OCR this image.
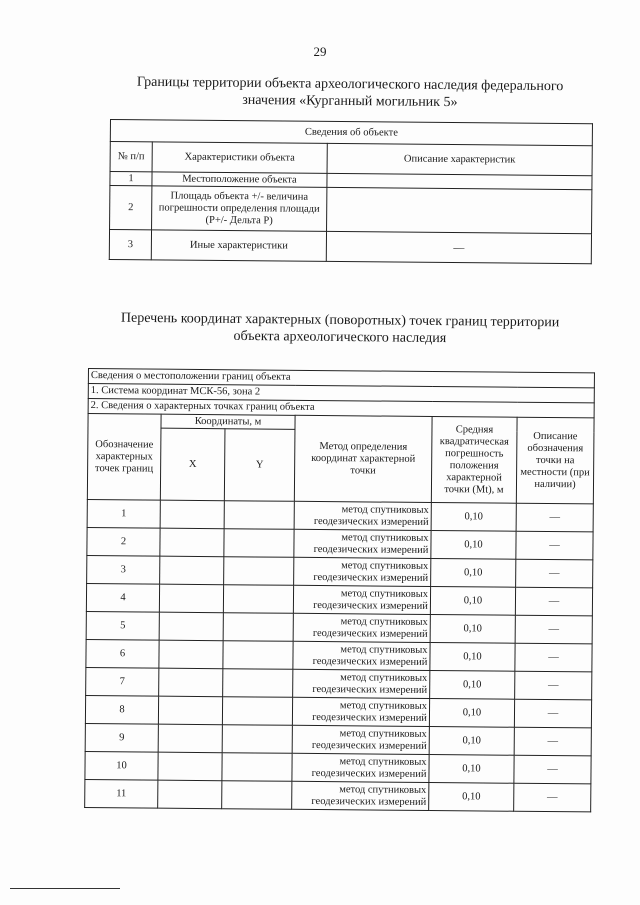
29
Границы территории объекта археологического наследия федерального значения «Курганный могильник 5»
Сведения об объекте		
№ п/п	Характеристики объекта	Описание характеристик
1	Местоположение объекта	
2	Площадь объекта +/- величина погрешности определения площади (Р+/- Дельта Р)	
3	Иные характеристики	—
Перечень координат характерных (поворотных) точек границ территории объекта археологического наследия
Сведения о местоположении границ объекта					
1. Система координат МСК-56, зона 2					
2. Сведения о характерных точках границ объекта					
Обозначение характерных точек границ	Координаты, м		Метод определения координат характерной точки	Средняя квадратическая погрешность положения характерной точки (Mt), м	Описание обозначения точки на местности (при наличии)
	X	Y			
1			метод спутниковых геодезических измерений	0,10	—
2			метод спутниковых геодезических измерений	0,10	—
3			метод спутниковых геодезических измерений	0,10	—
4			метод спутниковых геодезических измерений	0,10	—
5			метод спутниковых геодезических измерений	0,10	—
6			метод спутниковых геодезических измерений	0,10	—
7			метод спутниковых геодезических измерений	0,10	—
8			метод спутниковых геодезических измерений	0,10	—
9			метод спутниковых геодезических измерений	0,10	—
10			метод спутниковых геодезических измерений	0,10	—
11			метод спутниковых геодезических измерений	0,10	—
